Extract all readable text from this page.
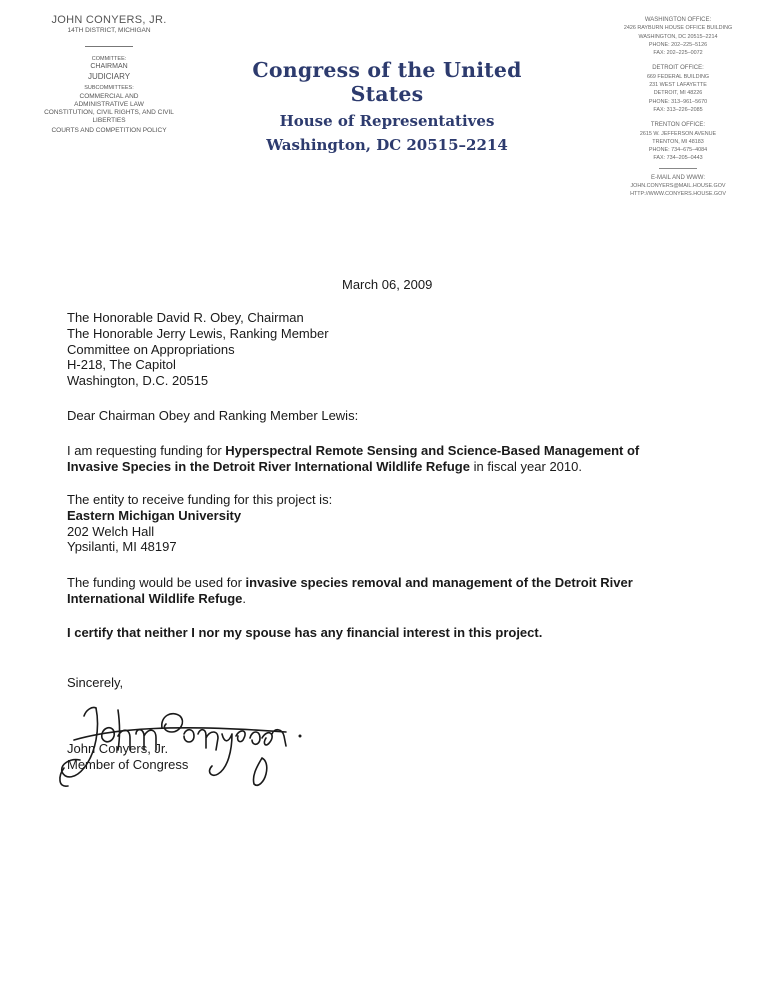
JOHN CONYERS, JR.
14TH DISTRICT, MICHIGAN
COMMITTEE:
CHAIRMAN
JUDICIARY
SUBCOMMITTEES:
COMMERCIAL AND ADMINISTRATIVE LAW
CONSTITUTION, CIVIL RIGHTS, AND CIVIL LIBERTIES
COURTS AND COMPETITION POLICY
Congress of the United States
House of Representatives
Washington, DC 20515–2214
WASHINGTON OFFICE:
2426 RAYBURN HOUSE OFFICE BUILDING
WASHINGTON, DC 20515–2214
PHONE: 202–225–5126
FAX: 202–225–0072
DETROIT OFFICE:
669 FEDERAL BUILDING
231 WEST LAFAYETTE
DETROIT, MI 48226
PHONE: 313–961–5670
FAX: 313–226–2085
TRENTON OFFICE:
2615 W. JEFFERSON AVENUE
TRENTON, MI 48183
PHONE: 734–675–4084
FAX: 734–205–0443
E-MAIL AND WWW:
JOHN.CONYERS@MAIL.HOUSE.GOV
HTTP://WWW.CONYERS.HOUSE.GOV
March 06, 2009
The Honorable David R. Obey, Chairman
The Honorable Jerry Lewis, Ranking Member
Committee on Appropriations
H-218, The Capitol
Washington, D.C. 20515
Dear Chairman Obey and Ranking Member Lewis:
I am requesting funding for Hyperspectral Remote Sensing and Science-Based Management of
Invasive Species in the Detroit River International Wildlife Refuge in fiscal year 2010.
The entity to receive funding for this project is:
Eastern Michigan University
202 Welch Hall
Ypsilanti, MI 48197
The funding would be used for invasive species removal and management of the Detroit River
International Wildlife Refuge.
I certify that neither I nor my spouse has any financial interest in this project.
Sincerely,
John Conyers, Jr.
Member of Congress
